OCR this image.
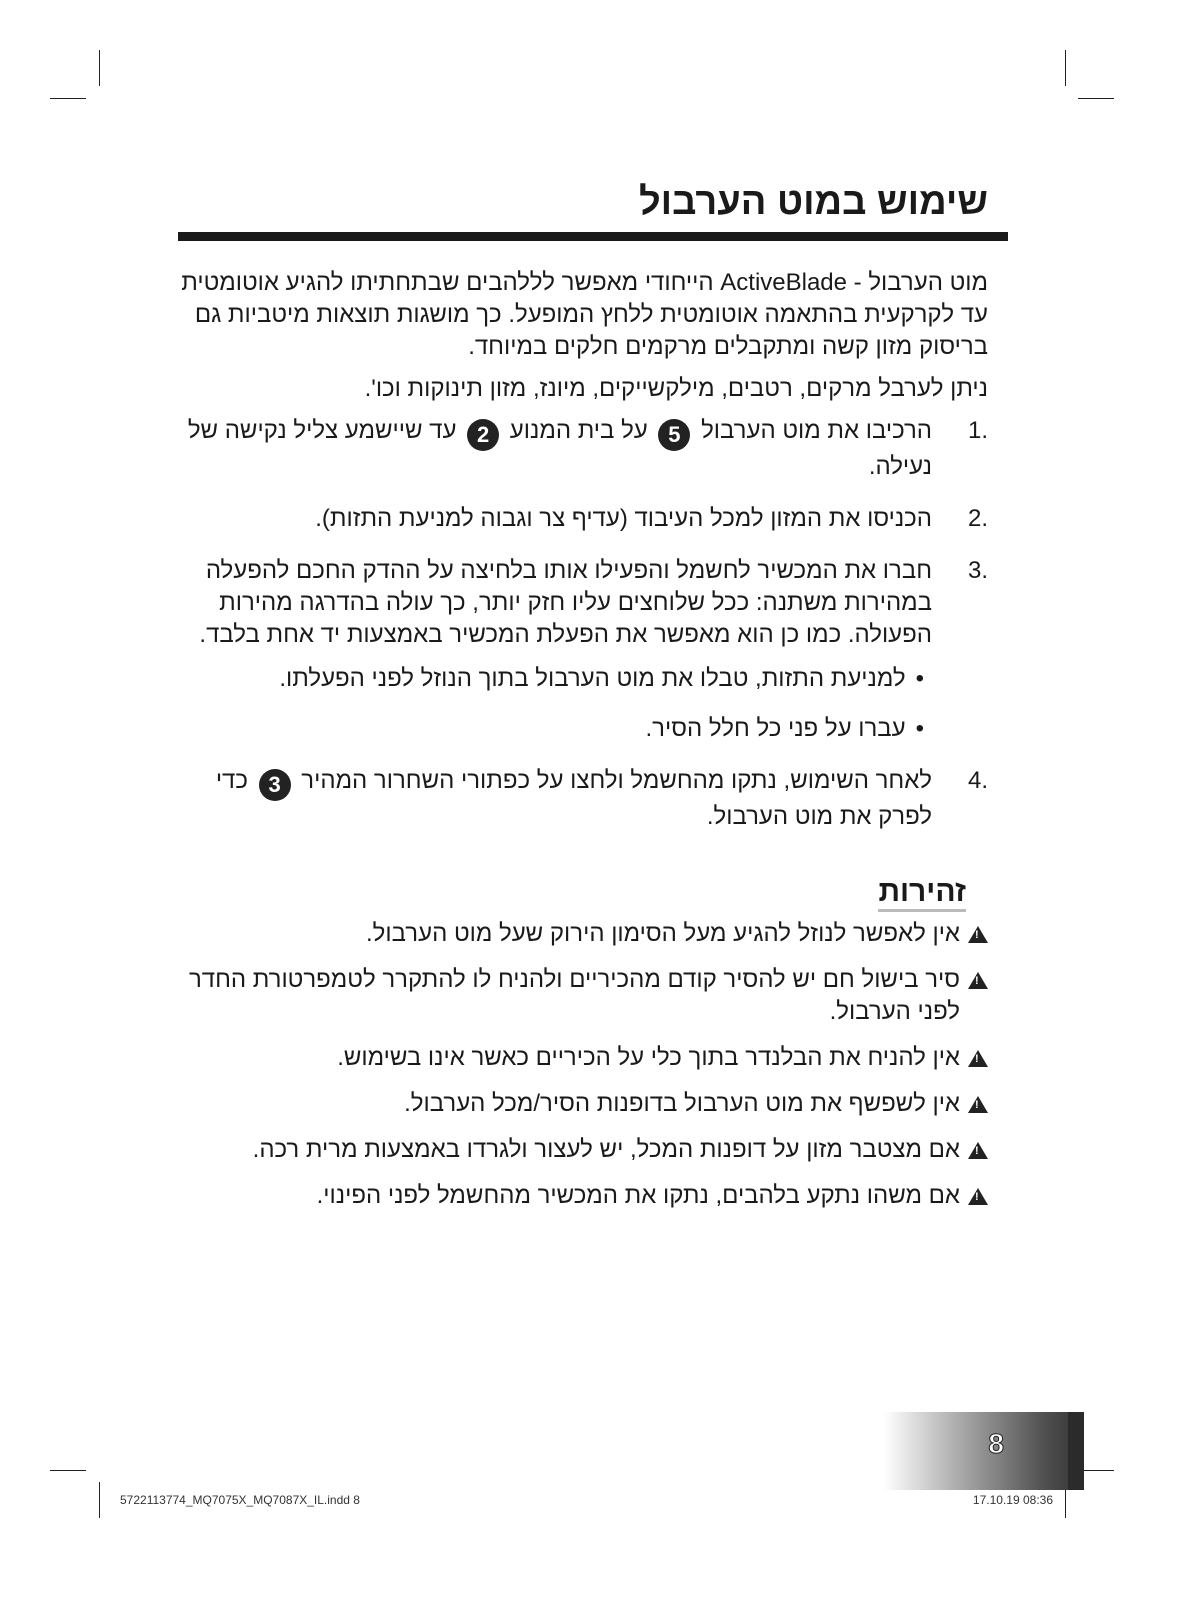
שימוש במוט הערבול

מוט הערבול - ActiveBlade הייחודי מאפשר לללהבים שבתחתיתו להגיע אוטומטית עד לקרקעית בהתאמה אוטומטית ללחץ המופעל. כך מושגות תוצאות מיטביות גם בריסוק מזון קשה ומתקבלים מרקמים חלקים במיוחד.

ניתן לערבל מרקים, רטבים, מילקשייקים, מיונז, מזון תינוקות וכו'.

.1
הרכיבו את מוט הערבול 5 על בית המנוע 2 עד שיישמע צליל נקישה של נעילה.
.2
הכניסו את המזון למכל העיבוד (עדיף צר וגבוה למניעת התזות).
.3
חברו את המכשיר לחשמל והפעילו אותו בלחיצה על ההדק החכם להפעלה במהירות משתנה: ככל שלוחצים עליו חזק יותר, כך עולה בהדרגה מהירות הפעולה. כמו כן הוא מאפשר את הפעלת המכשיר באמצעות יד אחת בלבד.
•למניעת התזות, טבלו את מוט הערבול בתוך הנוזל לפני הפעלתו.
•עברו על פני כל חלל הסיר.
.4
לאחר השימוש, נתקו מהחשמל ולחצו על כפתורי השחרור המהיר 3 כדי לפרק את מוט הערבול.
זהירות
!
אין לאפשר לנוזל להגיע מעל הסימון הירוק שעל מוט הערבול.
!
סיר בישול חם יש להסיר קודם מהכיריים ולהניח לו להתקרר לטמפרטורת החדר לפני הערבול.
!
אין להניח את הבלנדר בתוך כלי על הכיריים כאשר אינו בשימוש.
!
אין לשפשף את מוט הערבול בדופנות הסיר/מכל הערבול.
!
אם מצטבר מזון על דופנות המכל, יש לעצור ולגרדו באמצעות מרית רכה.
!
אם משהו נתקע בלהבים, נתקו את המכשיר מהחשמל לפני הפינוי.
8
5722113774_MQ7075X_MQ7087X_IL.indd 8	17.10.19 08:36
